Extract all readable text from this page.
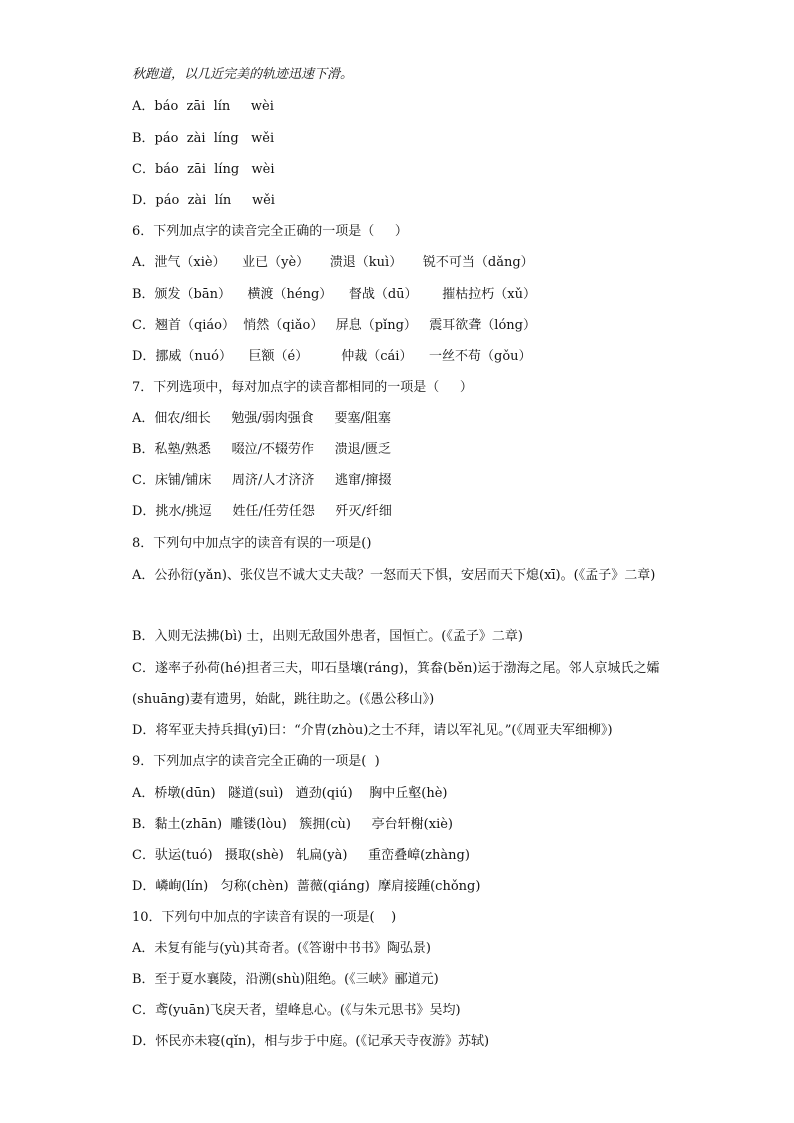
秋跑道，以几近完美的轨迹迅速下滑。
A．báo  zāi  lín     wèi
B．páo  zài  líng   wěi
C．báo  zāi  líng   wèi
D．páo  zài  lín     wěi
6．下列加点字的读音完全正确的一项是（     ）
A．泄气（xiè）    业已（yè）     溃退（kuì）     锐不可当（dǎng）
B．颁发（bān）    横渡（héng）    督战（dū）      摧枯拉朽（xǔ）
C．翘首（qiáo）  悄然（qiǎo）   屏息（pǐng）   震耳欲聋（lóng）
D．挪威（nuó）    巨额（é）        仲裁（cái）    一丝不苟（gǒu）
7．下列选项中，每对加点字的读音都相同的一项是（     ）
A．佃农/细长     勉强/弱肉强食     要塞/阻塞
B．私塾/熟悉     啜泣/不辍劳作     溃退/匮乏
C．床铺/铺床     周济/人才济济     逃窜/撺掇
D．挑水/挑逗     姓任/任劳任怨     歼灭/纤细
8．下列句中加点字的读音有误的一项是()
A．公孙衍(yǎn)、张仪岂不诚大丈夫哉？一怒而天下惧，安居而天下熄(xī)。(《孟子》二章)
B．入则无法拂(bì) 士，出则无敌国外患者，国恒亡。(《孟子》二章)
C．遂率子孙荷(hé)担者三夫，叩石垦壤(ráng)，箕畚(běn)运于渤海之尾。邻人京城氏之孀(shuāng)妻有遗男，始龀，跳往助之。(《愚公移山》)
D．将军亚夫持兵揖(yī)曰：“介胄(zhòu)之士不拜，请以军礼见。”(《周亚夫军细柳》)
9．下列加点字的读音完全正确的一项是(  )
A．桥墩(dūn)   隧道(suì)   遒劲(qiú)    胸中丘壑(hè)
B．黏土(zhān)  雕镂(lòu)   簇拥(cù)     亭台轩榭(xiè)
C．驮运(tuó)   摄取(shè)   轧扁(yà)     重峦叠嶂(zhàng)
D．嶙峋(lín)   匀称(chèn)  蔷薇(qiáng)  摩肩接踵(chǒng)
10．下列句中加点的字读音有误的一项是(    )
A．未复有能与(yù)其奇者。(《答谢中书书》陶弘景)
B．至于夏水襄陵，沿溯(shù)阻绝。(《三峡》郦道元)
C．鸢(yuān)飞戾天者，望峰息心。(《与朱元思书》吴均)
D．怀民亦未寝(qǐn)，相与步于中庭。(《记承天寺夜游》苏轼)
